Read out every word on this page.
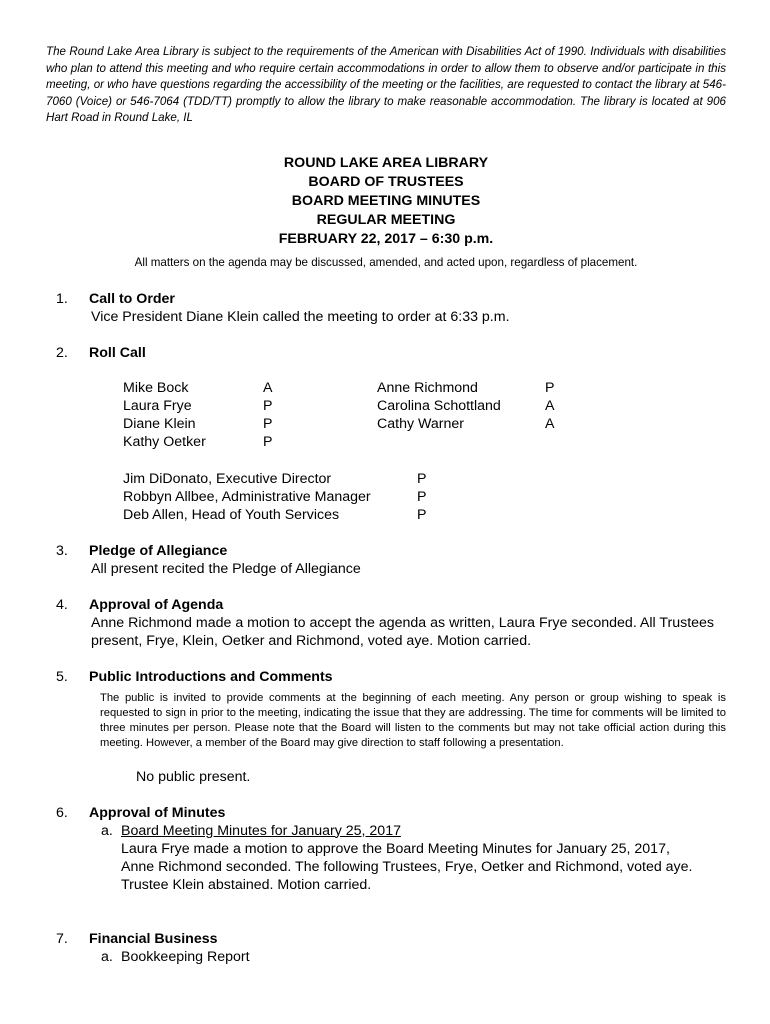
The Round Lake Area Library is subject to the requirements of the American with Disabilities Act of 1990. Individuals with disabilities who plan to attend this meeting and who require certain accommodations in order to allow them to observe and/or participate in this meeting, or who have questions regarding the accessibility of the meeting or the facilities, are requested to contact the library at 546-7060 (Voice) or 546-7064 (TDD/TT) promptly to allow the library to make reasonable accommodation. The library is located at 906 Hart Road in Round Lake, IL

ROUND LAKE AREA LIBRARY
BOARD OF TRUSTEES
BOARD MEETING MINUTES
REGULAR MEETING
FEBRUARY 22, 2017 – 6:30 p.m.
All matters on the agenda may be discussed, amended, and acted upon, regardless of placement.
1.	Call to Order
Vice President Diane Klein called the meeting to order at 6:33 p.m.
2.	Roll Call
Mike Bock	A	Anne Richmond	P
Laura Frye	P	Carolina Schottland	A
Diane Klein	P	Cathy Warner	A
Kathy Oetker	P
Jim DiDonato, Executive Director	P
Robbyn Allbee, Administrative Manager	P
Deb Allen, Head of Youth Services	P
3.	Pledge of Allegiance
All present recited the Pledge of Allegiance
4.	Approval of Agenda
Anne Richmond made a motion to accept the agenda as written, Laura Frye seconded. All Trustees present, Frye, Klein, Oetker and Richmond, voted aye. Motion carried.
5.	Public Introductions and Comments
The public is invited to provide comments at the beginning of each meeting. Any person or group wishing to speak is requested to sign in prior to the meeting, indicating the issue that they are addressing. The time for comments will be limited to three minutes per person. Please note that the Board will listen to the comments but may not take official action during this meeting. However, a member of the Board may give direction to staff following a presentation.
No public present.
6.	Approval of Minutes
a. Board Meeting Minutes for January 25, 2017
Laura Frye made a motion to approve the Board Meeting Minutes for January 25, 2017, Anne Richmond seconded. The following Trustees, Frye, Oetker and Richmond, voted aye. Trustee Klein abstained. Motion carried.
7.	Financial Business
a. Bookkeeping Report
